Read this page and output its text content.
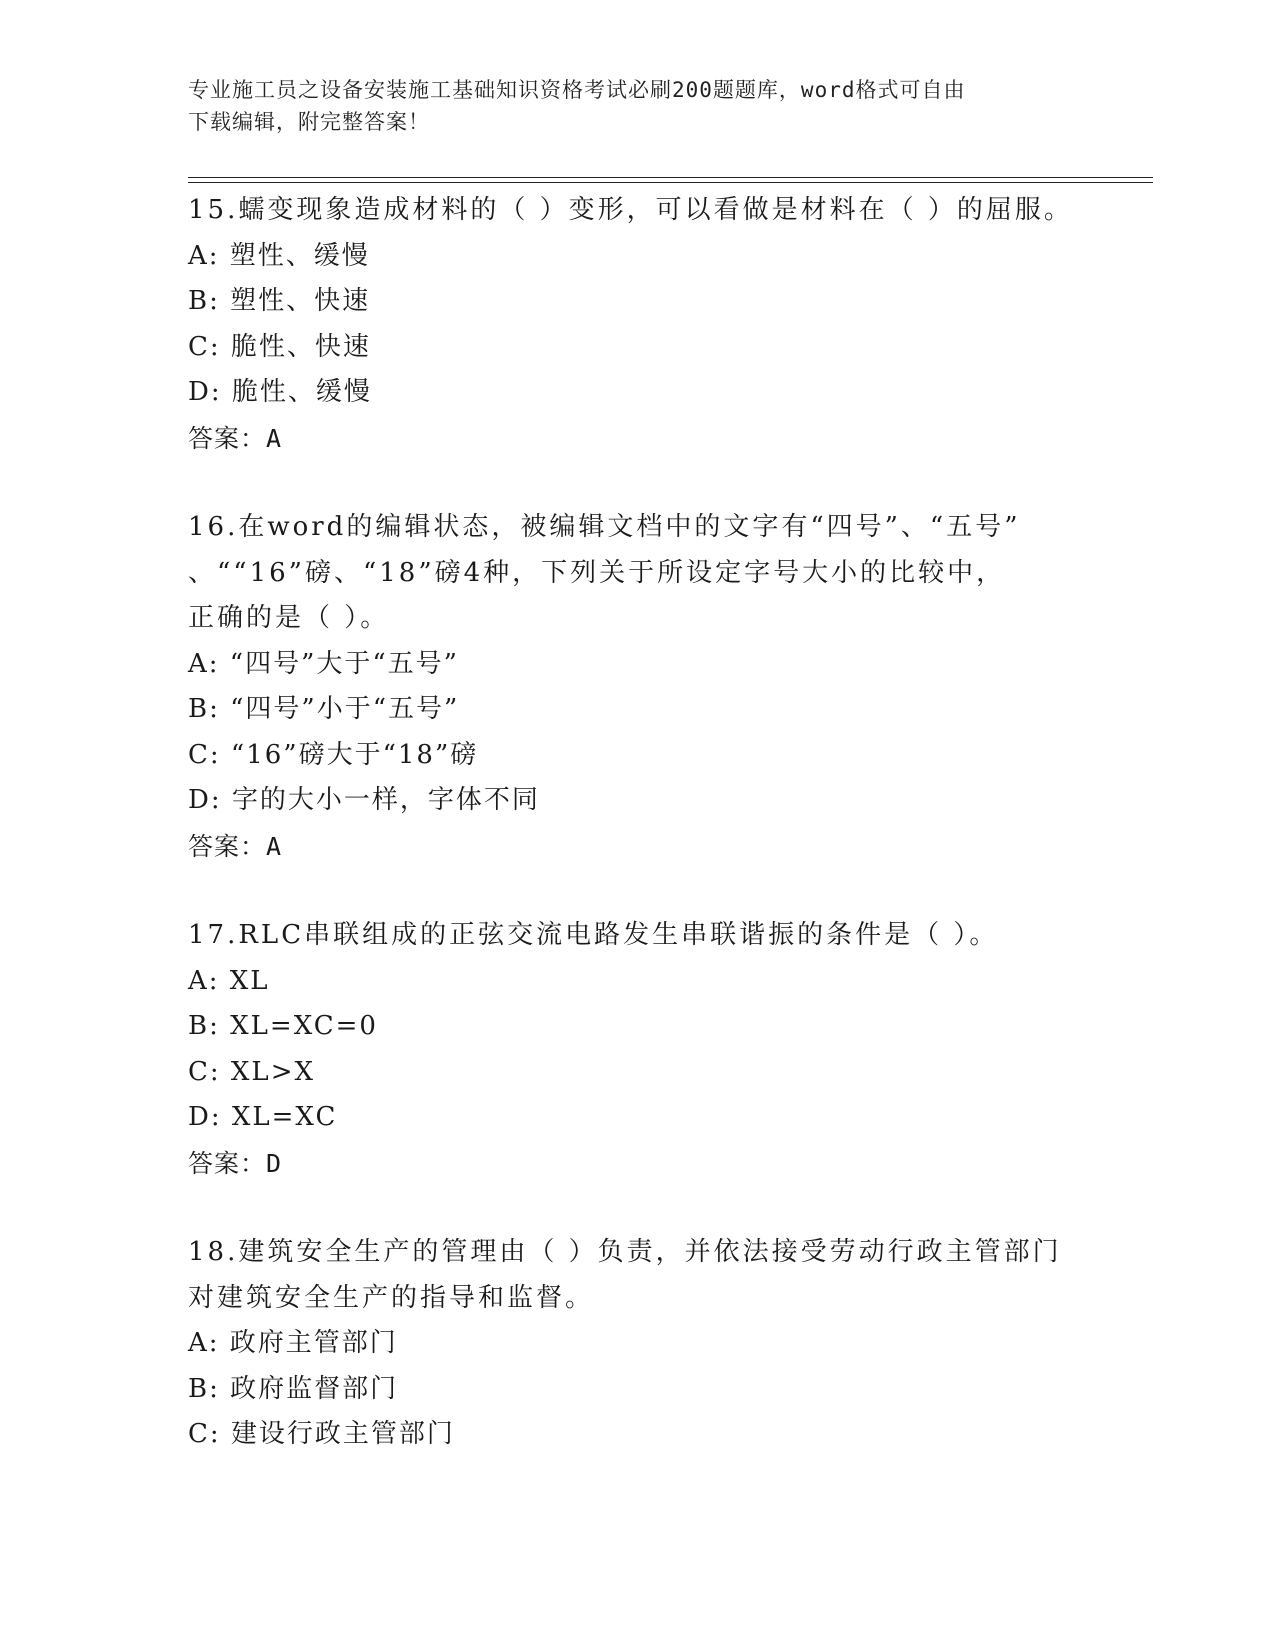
专业施工员之设备安装施工基础知识资格考试必刷200题题库，word格式可自由
下载编辑，附完整答案！
15.蠕变现象造成材料的（ ）变形，可以看做是材料在（ ）的屈服。
A: 塑性、缓慢
B: 塑性、快速
C: 脆性、快速
D: 脆性、缓慢
答案：A
16.在word的编辑状态，被编辑文档中的文字有“四号”、“五号”
、““16”磅、“18”磅4种，下列关于所设定字号大小的比较中，
正确的是（ ）。
A: “四号”大于“五号”
B: “四号”小于“五号”
C: “16”磅大于“18”磅
D: 字的大小一样，字体不同
答案：A
17.RLC串联组成的正弦交流电路发生串联谐振的条件是（ ）。
A: XL
B: XL=XC=0
C: XL>X
D: XL=XC
答案：D
18.建筑安全生产的管理由（ ）负责，并依法接受劳动行政主管部门
对建筑安全生产的指导和监督。
A: 政府主管部门
B: 政府监督部门
C: 建设行政主管部门
